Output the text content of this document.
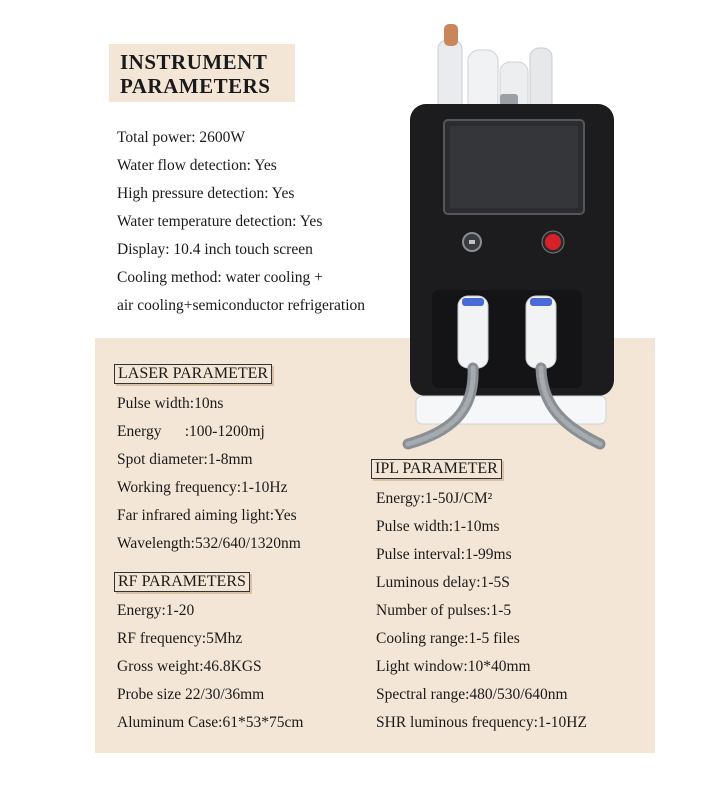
INSTRUMENT
PARAMETERS
Total power: 2600W
Water flow detection: Yes
High pressure detection: Yes
Water temperature detection: Yes
Display: 10.4 inch touch screen
Cooling method: water cooling +
air cooling+semiconductor refrigeration
LASER PARAMETER
Pulse width:10ns
Energy      :100-1200mj
Spot diameter:1-8mm
Working frequency:1-10Hz
Far infrared aiming light:Yes
Wavelength:532/640/1320nm
RF PARAMETERS
Energy:1-20
RF frequency:5Mhz
Gross weight:46.8KGS
Probe size 22/30/36mm
Aluminum Case:61*53*75cm
IPL PARAMETER
Energy:1-50J/CM²
Pulse width:1-10ms
Pulse interval:1-99ms
Luminous delay:1-5S
Number of pulses:1-5
Cooling range:1-5 files
Light window:10*40mm
Spectral range:480/530/640nm
SHR luminous frequency:1-10HZ
